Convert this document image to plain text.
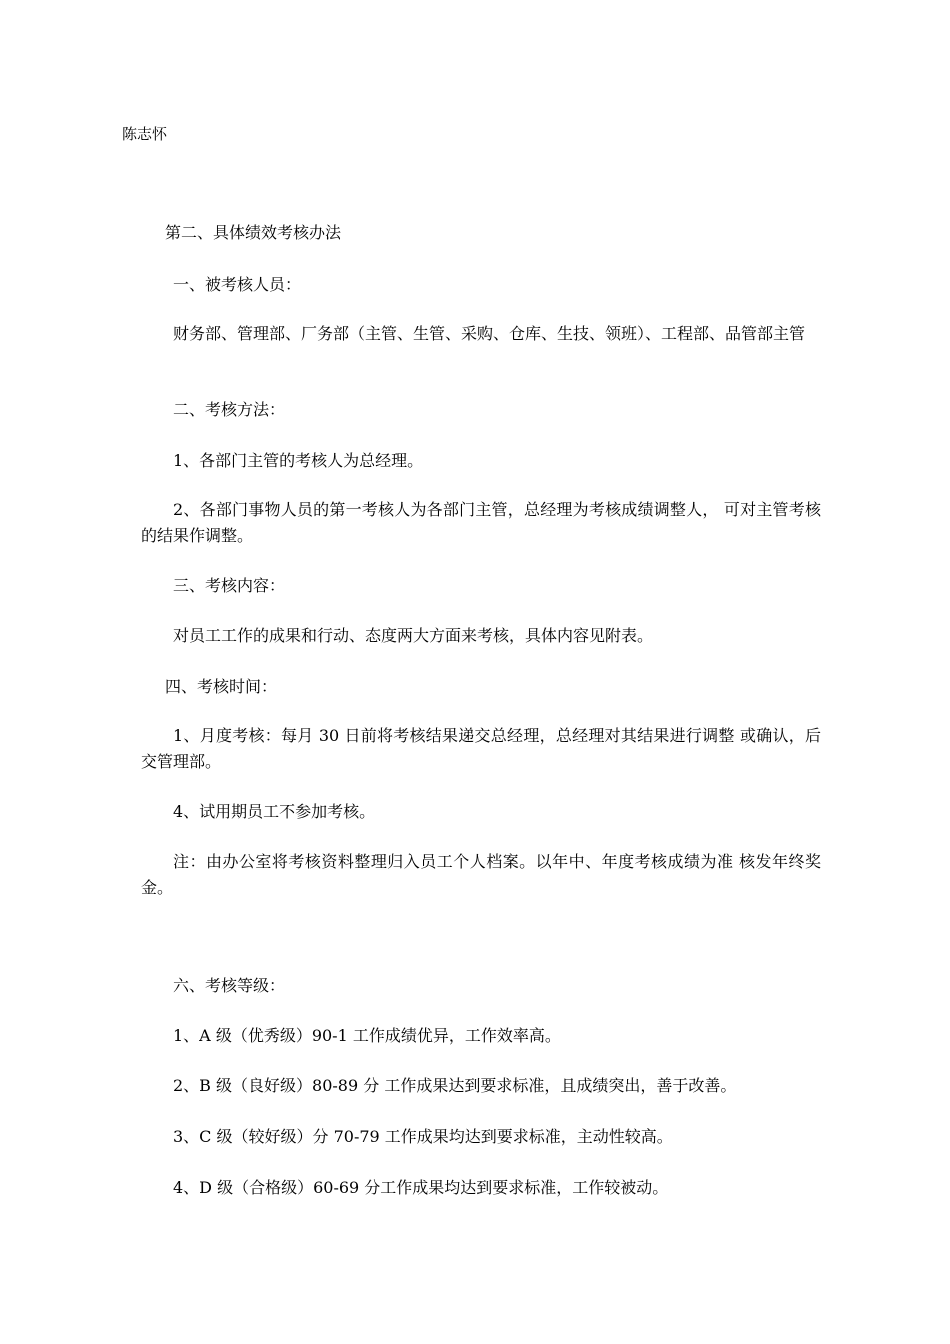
陈志怀
第二、具体绩效考核办法
一、被考核人员：
财务部、管理部、厂务部（主管、生管、采购、仓库、生技、领班）、工程部、品管部主管
二、考核方法：
1、各部门主管的考核人为总经理。
2、各部门事物人员的第一考核人为各部门主管，总经理为考核成绩调整人， 可对主管考核的结果作调整。
三、考核内容：
对员工工作的成果和行动、态度两大方面来考核，具体内容见附表。
四、考核时间：
1、月度考核：每月 30 日前将考核结果递交总经理，总经理对其结果进行调整 或确认，后交管理部。
4、试用期员工不参加考核。
注：由办公室将考核资料整理归入员工个人档案。以年中、年度考核成绩为准 核发年终奖金。
六、考核等级：
1、A 级（优秀级）90-1 工作成绩优异，工作效率高。
2、B 级（良好级）80-89 分 工作成果达到要求标准，且成绩突出，善于改善。
3、C 级（较好级）分 70-79 工作成果均达到要求标准，主动性较高。
4、D 级（合格级）60-69 分工作成果均达到要求标准，工作较被动。
